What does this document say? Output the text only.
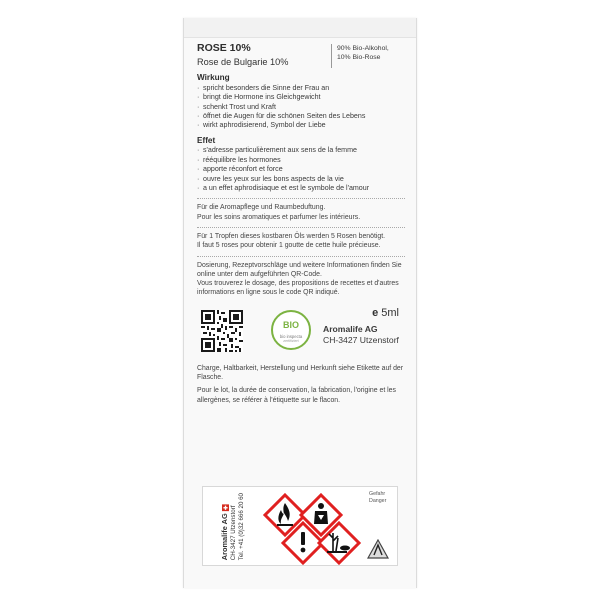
ROSE 10%
Rose de Bulgarie 10%
90% Bio-Alkohol,
10% Bio-Rose
Wirkung
· spricht besonders die Sinne der Frau an
· bringt die Hormone ins Gleichgewicht
· schenkt Trost und Kraft
· öffnet die Augen für die schönen Seiten des Lebens
· wirkt aphrodisierend, Symbol der Liebe
Effet
· s'adresse particulièrement aux sens de la femme
· rééquilibre les hormones
· apporte réconfort et force
· ouvre les yeux sur les bons aspects de la vie
· a un effet aphrodisiaque et est le symbole de l'amour
Für die Aromapflege und Raumbeduftung.
Pour les soins aromatiques et parfumer les intérieurs.
Für 1 Tropfen dieses kostbaren Öls werden 5 Rosen benötigt.
Il faut 5 roses pour obtenir 1 goutte de cette huile précieuse.
Dosierung, Rezeptvorschläge und weitere Informationen finden Sie online unter dem aufgeführten QR-Code.
Vous trouverez le dosage, des propositions de recettes et d'autres informations en ligne sous le code QR indiqué.
BIO
bio inspecta
zertifiziert
e 5ml
Aromalife AG
CH-3427 Utzenstorf
Charge, Haltbarkeit, Herstellung und Herkunft siehe Etikette auf der Flasche.
Pour le lot, la durée de conservation, la fabrication, l'origine et les allergènes, se référer à l'étiquette sur le flacon.
Aromalife AG CH-3427 Utzenstorf Tel. +41 (0)32 666 20 60	Gefahr
Danger
